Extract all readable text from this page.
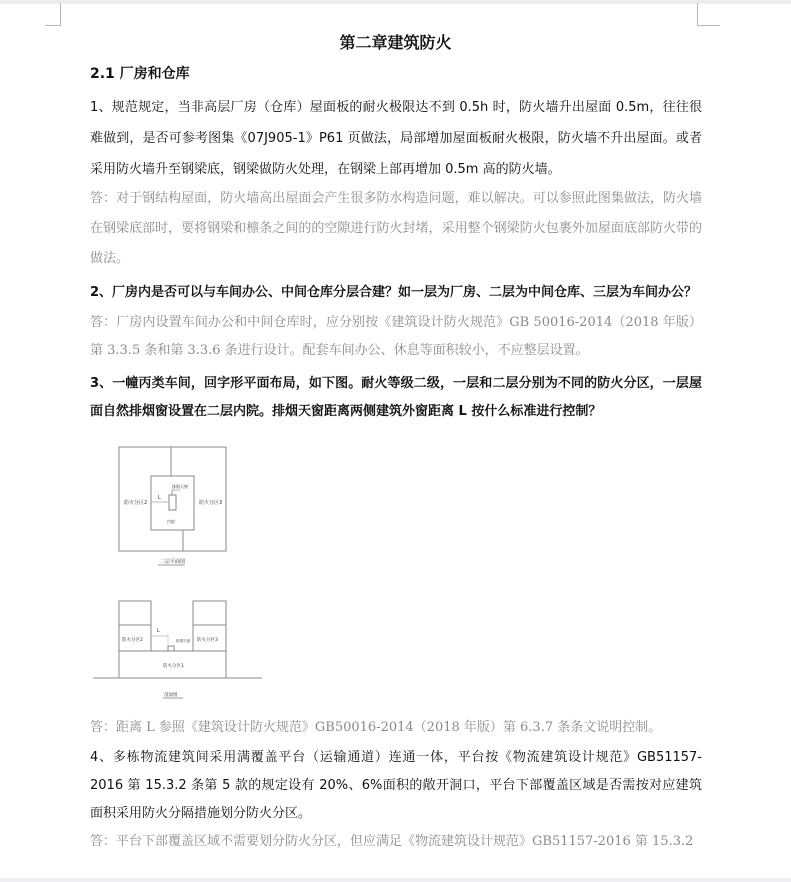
第二章建筑防火
2.1 厂房和仓库
1、规范规定，当非高层厂房（仓库）屋面板的耐火极限达不到 0.5h 时，防火墙升出屋面 0.5m，往往很难做到，是否可参考图集《07J905-1》P61 页做法，局部增加屋面板耐火极限，防火墙不升出屋面。或者采用防火墙升至钢梁底，钢梁做防火处理，在钢梁上部再增加 0.5m 高的防火墙。
答：对于钢结构屋面，防火墙高出屋面会产生很多防水构造问题，难以解决。可以参照此图集做法，防火墙在钢梁底部时，要将钢梁和檩条之间的的空隙进行防火封堵，采用整个钢梁防火包裹外加屋面底部防火带的做法。
2、厂房内是否可以与车间办公、中间仓库分层合建？如一层为厂房、二层为中间仓库、三层为车间办公？
答：厂房内设置车间办公和中间仓库时，应分别按《建筑设计防火规范》GB 50016-2014（2018 年版）第 3.3.5 条和第 3.3.6 条进行设计。配套车间办公、休息等面积较小，不应整层设置。
3、一幢丙类车间，回字形平面布局，如下图。耐火等级二级，一层和二层分别为不同的防火分区，一层屋面自然排烟窗设置在二层内院。排烟天窗距离两侧建筑外窗距离 L 按什么标准进行控制？
排烟天窗
L
防火分区2	防火分区3
内院
二层平面图
L
排烟天窗
防火分区2	防火分区3
防火分区1
剖面图
答：距离 L 参照《建筑设计防火规范》GB50016-2014（2018 年版）第 6.3.7 条条文说明控制。
4、多栋物流建筑间采用满覆盖平台（运输通道）连通一体，平台按《物流建筑设计规范》GB51157-2016 第 15.3.2 条第 5 款的规定设有 20%、6%面积的敞开洞口，平台下部覆盖区域是否需按对应建筑面积采用防火分隔措施划分防火分区。
答：平台下部覆盖区域不需要划分防火分区，但应满足《物流建筑设计规范》GB51157-2016 第 15.3.2
